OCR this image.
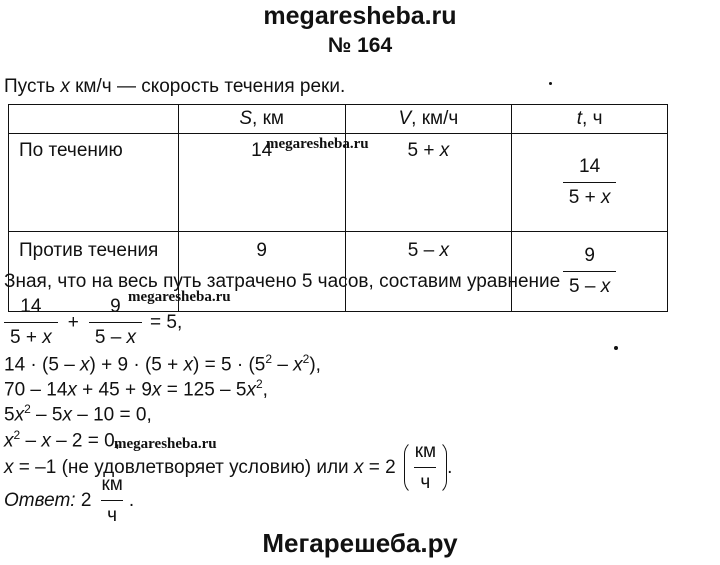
megaresheba.ru
№ 164
Пусть x км/ч — скорость течения реки.
	S, км	V, км/ч	t, ч
По течению	14	5 + x	$\frac{14}{5 + x}$

Против течения	9	5 – x	$\frac{9}{5 - x}$
megaresheba.ru
Зная, что на весь путь затрачено 5 часов, составим уравнение
$\frac{14}{5 + x} + \frac{9}{5 - x} = 5$,
megaresheba.ru
$14 \cdot (5 - x) + 9 \cdot (5 + x) = 5 \cdot (5^2 - x^2)$,
$70 - 14x + 45 + 9x = 125 - 5x^2$,
$5x^2 - 5x - 10 = 0$,
$x^2 - x - 2 = 0$,
megaresheba.ru
x = –1 (не удовлетворяет условию) или $x = 2 \frac{км}{ч}$ .
Ответ: $2 \frac{км}{ч}$ .
Мегарешеба.ру
